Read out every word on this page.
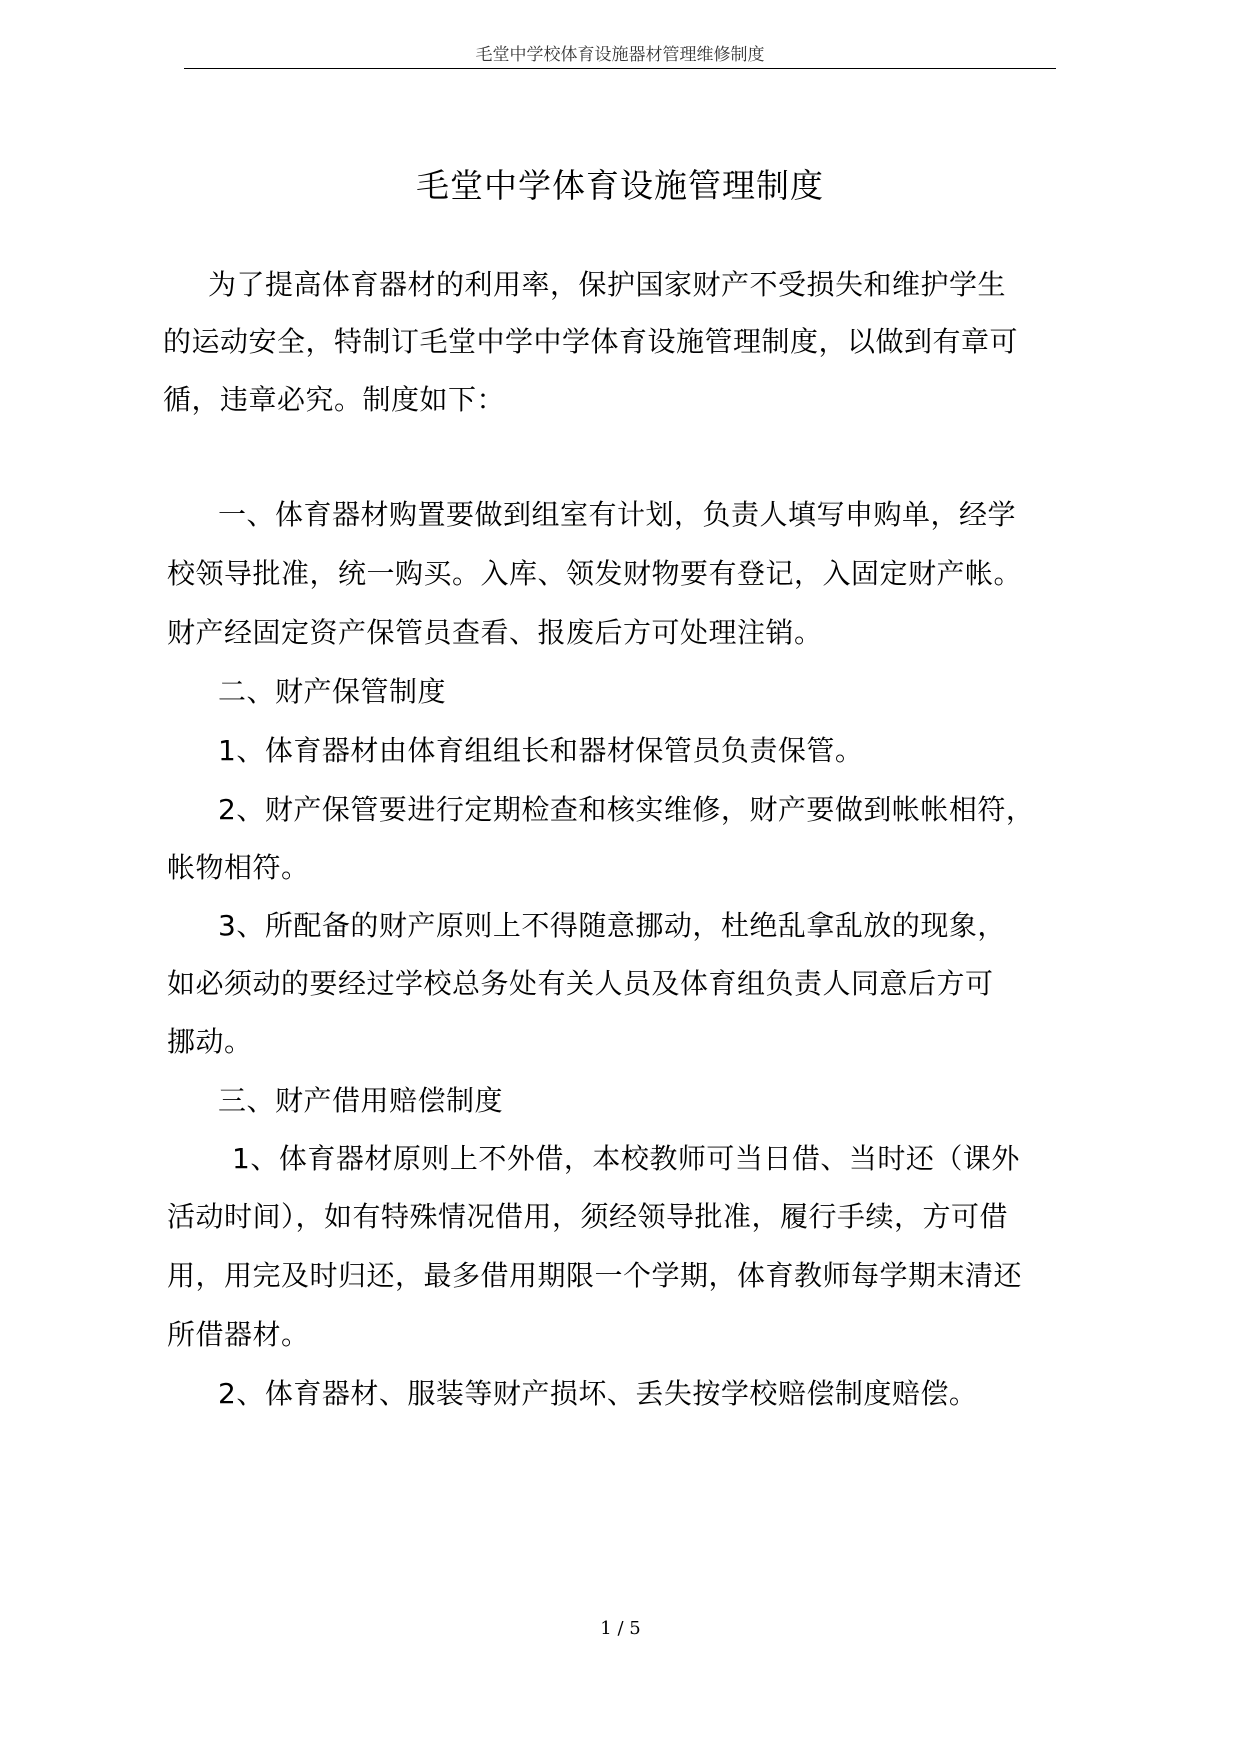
毛堂中学校体育设施器材管理维修制度
毛堂中学体育设施管理制度
为了提高体育器材的利用率，保护国家财产不受损失和维护学生
的运动安全，特制订毛堂中学中学体育设施管理制度，以做到有章可
循，违章必究。制度如下：
一、体育器材购置要做到组室有计划，负责人填写申购单，经学
校领导批准，统一购买。入库、领发财物要有登记，入固定财产帐。
财产经固定资产保管员查看、报废后方可处理注销。
二、财产保管制度
1、体育器材由体育组组长和器材保管员负责保管。
2、财产保管要进行定期检查和核实维修，财产要做到帐帐相符，
帐物相符。
3、所配备的财产原则上不得随意挪动，杜绝乱拿乱放的现象，
如必须动的要经过学校总务处有关人员及体育组负责人同意后方可
挪动。
三、财产借用赔偿制度
1、体育器材原则上不外借，本校教师可当日借、当时还（课外
活动时间），如有特殊情况借用，须经领导批准，履行手续，方可借
用，用完及时归还，最多借用期限一个学期，体育教师每学期末清还
所借器材。
2、体育器材、服装等财产损坏、丢失按学校赔偿制度赔偿。
1 / 5
